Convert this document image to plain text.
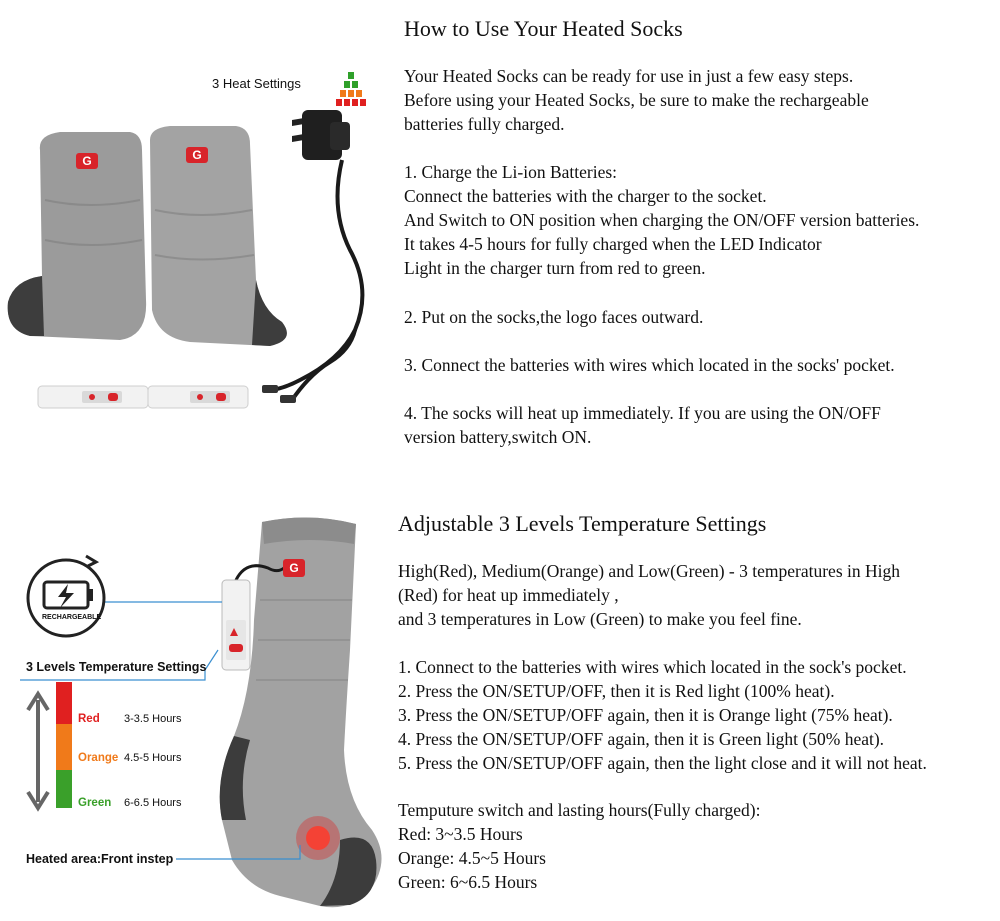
G	G
3 Heat Settings
How to Use Your Heated Socks
Your Heated Socks can be ready for use in just a few easy steps.
Before using your Heated Socks, be sure to make the rechargeable
batteries fully charged.
1. Charge the Li-ion Batteries:
Connect the batteries with the charger to the socket.
And Switch to ON position when charging the ON/OFF version batteries.
It takes 4-5 hours for fully charged when the LED Indicator
Light in the charger turn from red to green.
2. Put on the socks,the logo faces outward.
3. Connect the batteries with wires which located in the socks' pocket.
4. The socks will heat up immediately. If you are using the ON/OFF
version battery,switch ON.
G
RECHARGEABLE
3 Levels Temperature Settings
Red 3-3.5 Hours
Orange 4.5-5 Hours
Green 6-6.5 Hours
Heated area:Front instep
Adjustable 3 Levels Temperature Settings
High(Red), Medium(Orange) and Low(Green) - 3 temperatures in High
(Red) for heat up immediately ,
and 3 temperatures in Low (Green) to make you feel fine.
1. Connect to the batteries with wires which located in the sock's pocket.
2. Press the ON/SETUP/OFF, then it is Red light (100% heat).
3. Press the ON/SETUP/OFF again, then it is Orange light (75% heat).
4. Press the ON/SETUP/OFF again, then it is Green light (50% heat).
5. Press the ON/SETUP/OFF again, then the light close and it will not heat.
Temputure switch and lasting hours(Fully charged):
Red: 3~3.5 Hours
Orange: 4.5~5 Hours
Green: 6~6.5 Hours
